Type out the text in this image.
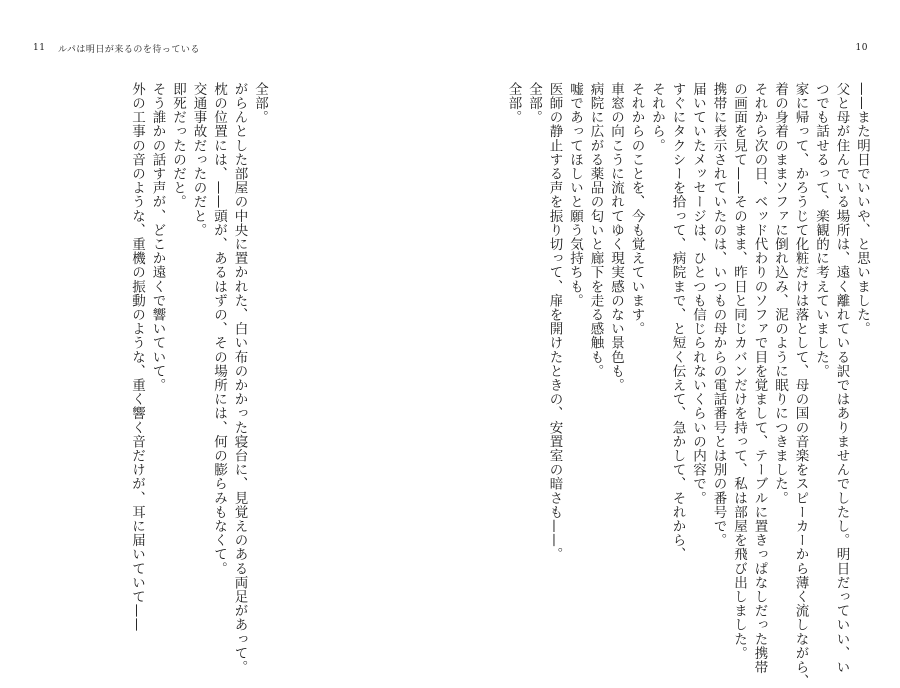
11 ルパは明日が来るのを待っている
全部。
がらんとした部屋の中央に置かれた、白い布のかかった寝台に、見覚えのある両足があって。
枕の位置には、——頭が、あるはずの、その場所には、何の膨らみもなくて。
交通事故だったのだと。
即死だったのだと。
そう誰かの話す声が、どこか遠くで響いていて。
外の工事の音のような、重機の振動のような、重く響く音だけが、耳に届いていて——
10
——また明日でいいや、と思いました。
父と母が住んでいる場所は、遠く離れている訳ではありませんでしたし。明日だっていい、い
つでも話せるって、楽観的に考えていました。
家に帰って、かろうじて化粧だけは落として、母の国の音楽をスピーカーから薄く流しながら、
着の身着のままソファに倒れ込み、泥のように眠りにつきました。
それから次の日、ベッド代わりのソファで目を覚まして、テーブルに置きっぱなしだった携帯
の画面を見て——そのまま、昨日と同じカバンだけを持って、私は部屋を飛び出しました。
携帯に表示されていたのは、いつもの母からの電話番号とは別の番号で。
届いていたメッセージは、ひとつも信じられないくらいの内容で。
すぐにタクシーを拾って、病院まで、と短く伝えて、急かして、それから、
それから。
それからのことを、今も覚えています。
車窓の向こうに流れてゆく現実感のない景色も。
病院に広がる薬品の匂いと廊下を走る感触も。
嘘であってほしいと願う気持ちも。
医師の静止する声を振り切って、扉を開けたときの、安置室の暗さも——。
全部。
全部。
